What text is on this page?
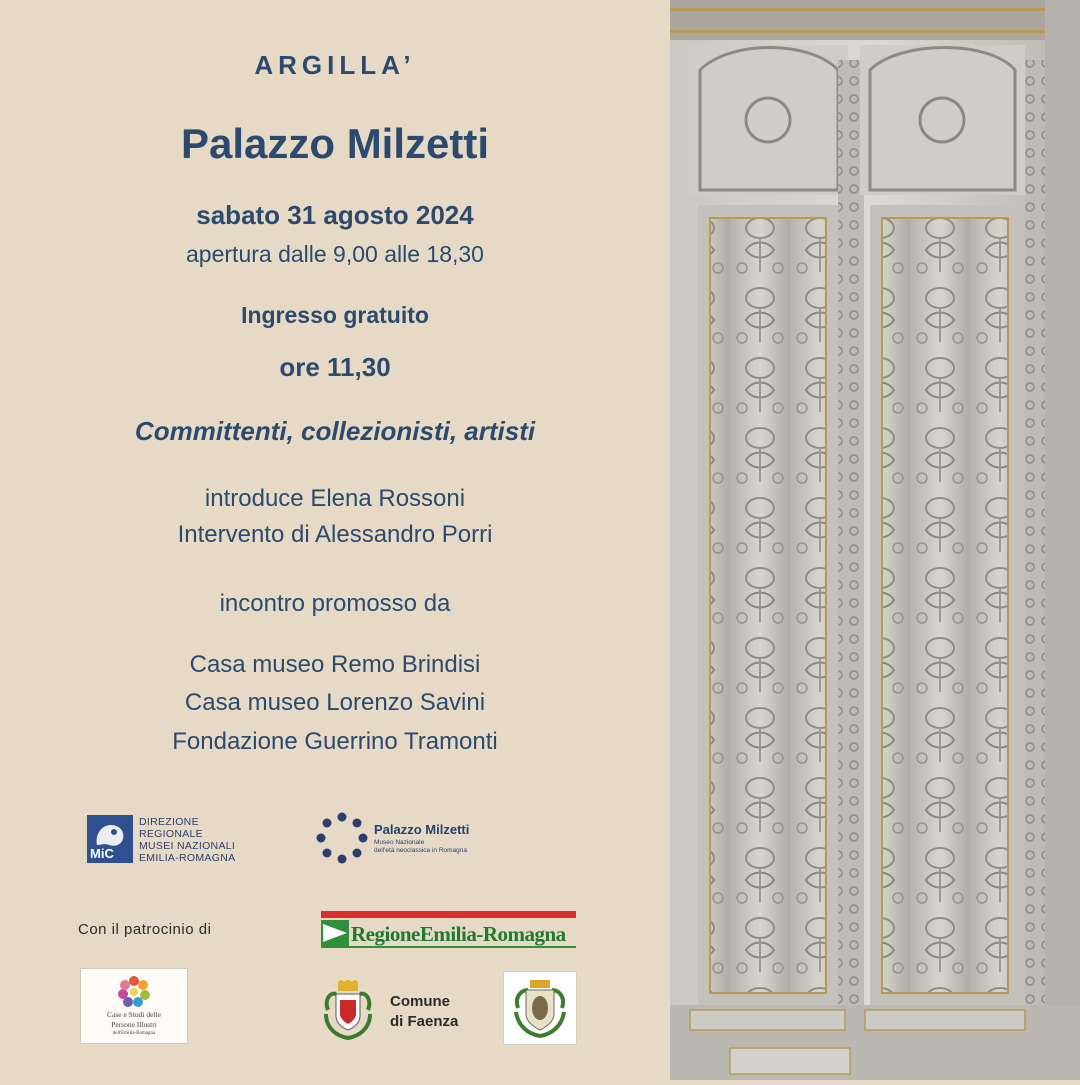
ARGILLA’
Palazzo Milzetti
sabato 31 agosto 2024
apertura dalle 9,00 alle 18,30
Ingresso gratuito
ore 11,30
Committenti, collezionisti, artisti
introduce Elena Rossoni
Intervento di Alessandro Porri
incontro promosso da
Casa museo Remo Brindisi
Casa museo Lorenzo Savini
Fondazione Guerrino Tramonti
MiC
DIREZIONE
REGIONALE
MUSEI NAZIONALI
EMILIA-ROMAGNA
Palazzo Milzetti
Museo Nazionale
dell'età neoclassica in Romagna
Con il patrocinio di	RegioneEmilia-Romagna
Case e Studi delle
Persone Illustri
dell'Emilia-Romagna
Comune
di Faenza
